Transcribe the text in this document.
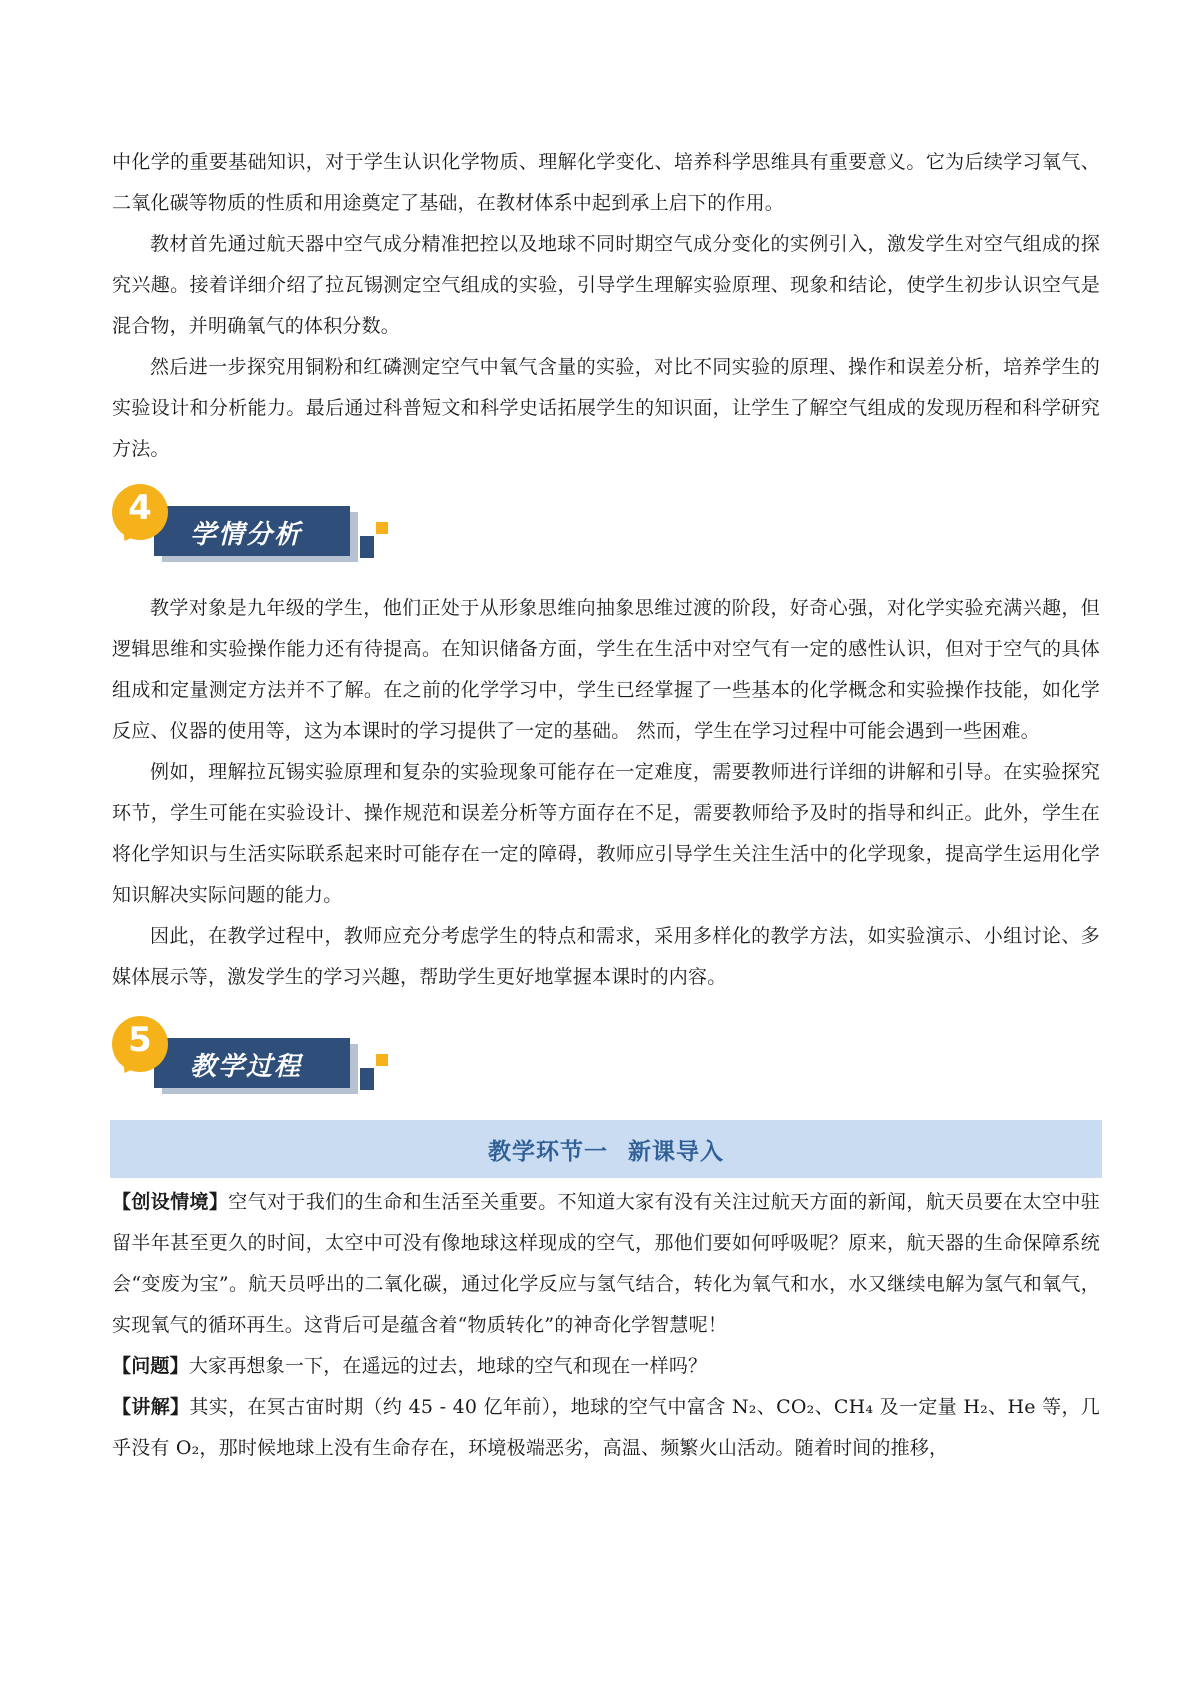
中化学的重要基础知识，对于学生认识化学物质、理解化学变化、培养科学思维具有重要意义。它为后续学习氧气、二氧化碳等物质的性质和用途奠定了基础，在教材体系中起到承上启下的作用。

教材首先通过航天器中空气成分精准把控以及地球不同时期空气成分变化的实例引入，激发学生对空气组成的探究兴趣。接着详细介绍了拉瓦锡测定空气组成的实验，引导学生理解实验原理、现象和结论，使学生初步认识空气是混合物，并明确氧气的体积分数。

然后进一步探究用铜粉和红磷测定空气中氧气含量的实验，对比不同实验的原理、操作和误差分析，培养学生的实验设计和分析能力。最后通过科普短文和科学史话拓展学生的知识面，让学生了解空气组成的发现历程和科学研究方法。

4
学情分析

教学对象是九年级的学生，他们正处于从形象思维向抽象思维过渡的阶段，好奇心强，对化学实验充满兴趣，但逻辑思维和实验操作能力还有待提高。在知识储备方面，学生在生活中对空气有一定的感性认识，但对于空气的具体组成和定量测定方法并不了解。在之前的化学学习中，学生已经掌握了一些基本的化学概念和实验操作技能，如化学反应、仪器的使用等，这为本课时的学习提供了一定的基础。 然而，学生在学习过程中可能会遇到一些困难。

例如，理解拉瓦锡实验原理和复杂的实验现象可能存在一定难度，需要教师进行详细的讲解和引导。在实验探究环节，学生可能在实验设计、操作规范和误差分析等方面存在不足，需要教师给予及时的指导和纠正。此外，学生在将化学知识与生活实际联系起来时可能存在一定的障碍，教师应引导学生关注生活中的化学现象，提高学生运用化学知识解决实际问题的能力。

因此，在教学过程中，教师应充分考虑学生的特点和需求，采用多样化的教学方法，如实验演示、小组讨论、多媒体展示等，激发学生的学习兴趣，帮助学生更好地掌握本课时的内容。

5
教学过程
教学环节一 新课导入

【创设情境】空气对于我们的生命和生活至关重要。不知道大家有没有关注过航天方面的新闻，航天员要在太空中驻留半年甚至更久的时间，太空中可没有像地球这样现成的空气，那他们要如何呼吸呢？原来，航天器的生命保障系统会“变废为宝”。航天员呼出的二氧化碳，通过化学反应与氢气结合，转化为氧气和水，水又继续电解为氢气和氧气，实现氧气的循环再生。这背后可是蕴含着“物质转化”的神奇化学智慧呢！

【问题】大家再想象一下，在遥远的过去，地球的空气和现在一样吗？

【讲解】其实，在冥古宙时期（约 45 - 40 亿年前），地球的空气中富含 N₂、CO₂、CH₄ 及一定量 H₂、He 等，几乎没有 O₂，那时候地球上没有生命存在，环境极端恶劣，高温、频繁火山活动。随着时间的推移，
